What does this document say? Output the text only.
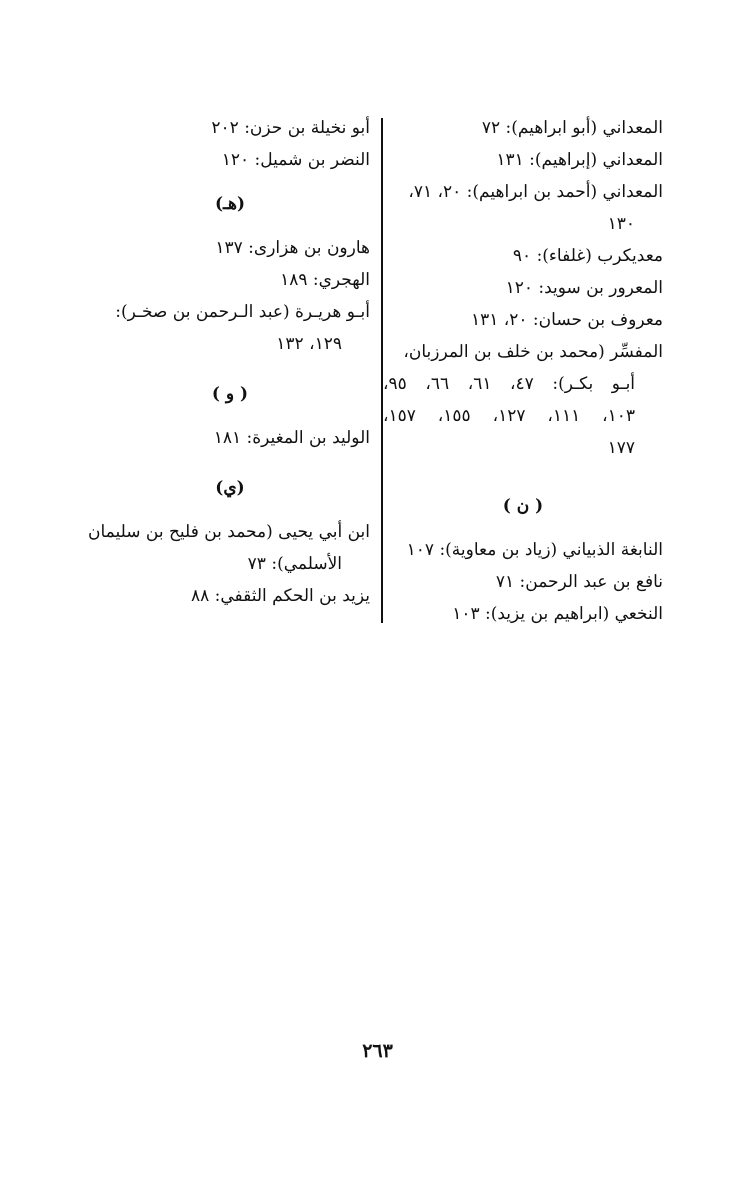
المعداني (أبو ابراهيم): ٧٢
المعداني (إبراهيم): ١٣١
المعداني (أحمد بن ابراهيم): ٢٠، ٧١،
١٣٠
معديكرب (غلفاء): ٩٠
المعرور بن سويد: ١٢٠
معروف بن حسان: ٢٠، ١٣١
المفسِّر (محمد بن خلف بن المرزبان،
أبـو بكـر): ٤٧، ٦١، ٦٦، ٩٥،
١٠٣، ١١١، ١٢٧، ١٥٥، ١٥٧،
١٧٧
( ن )
النابغة الذبياني (زياد بن معاوية): ١٠٧
نافع بن عبد الرحمن: ٧١
النخعي (ابراهيم بن يزيد): ١٠٣
أبو نخيلة بن حزن: ٢٠٢
النضر بن شميل: ١٢٠
(هـ)
هارون بن هزارى: ١٣٧
الهجري: ١٨٩
أبـو هريـرة (عبد الـرحمن بن صخـر):
١٢٩، ١٣٢
( و )
الوليد بن المغيرة: ١٨١
(ي)
ابن أبي يحيى (محمد بن فليح بن سليمان
الأسلمي): ٧٣
يزيد بن الحكم الثقفي: ٨٨
٢٦٣
